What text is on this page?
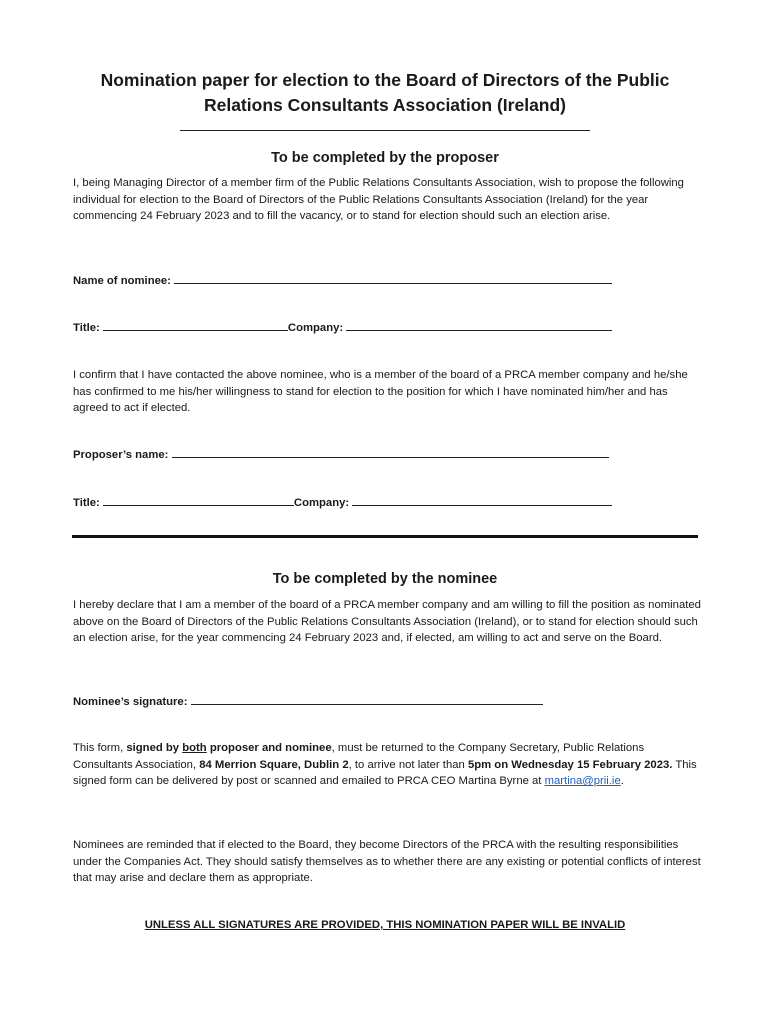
Nomination paper for election to the Board of Directors of the Public
Relations Consultants Association (Ireland)
To be completed by the proposer
I, being Managing Director of a member firm of the Public Relations Consultants Association, wish to propose the following individual for election to the Board of Directors of the Public Relations Consultants Association (Ireland) for the year commencing 24 February 2023 and to fill the vacancy, or to stand for election should such an election arise.
Name of nominee:
Title:	Company:
I confirm that I have contacted the above nominee, who is a member of the board of a PRCA member company and he/she has confirmed to me his/her willingness to stand for election to the position for which I have nominated him/her and has agreed to act if elected.
Proposer’s name:
Title:	Company:
To be completed by the nominee
I hereby declare that I am a member of the board of a PRCA member company and am willing to fill the position as nominated above on the Board of Directors of the Public Relations Consultants Association (Ireland), or to stand for election should such an election arise, for the year commencing 24 February 2023 and, if elected, am willing to act and serve on the Board.
Nominee’s signature:
This form, signed by both proposer and nominee, must be returned to the Company Secretary, Public Relations Consultants Association, 84 Merrion Square, Dublin 2, to arrive not later than 5pm on Wednesday 15 February 2023. This signed form can be delivered by post or scanned and emailed to PRCA CEO Martina Byrne at martina@prii.ie.
Nominees are reminded that if elected to the Board, they become Directors of the PRCA with the resulting responsibilities under the Companies Act. They should satisfy themselves as to whether there are any existing or potential conflicts of interest that may arise and declare them as appropriate.
UNLESS ALL SIGNATURES ARE PROVIDED, THIS NOMINATION PAPER WILL BE INVALID
